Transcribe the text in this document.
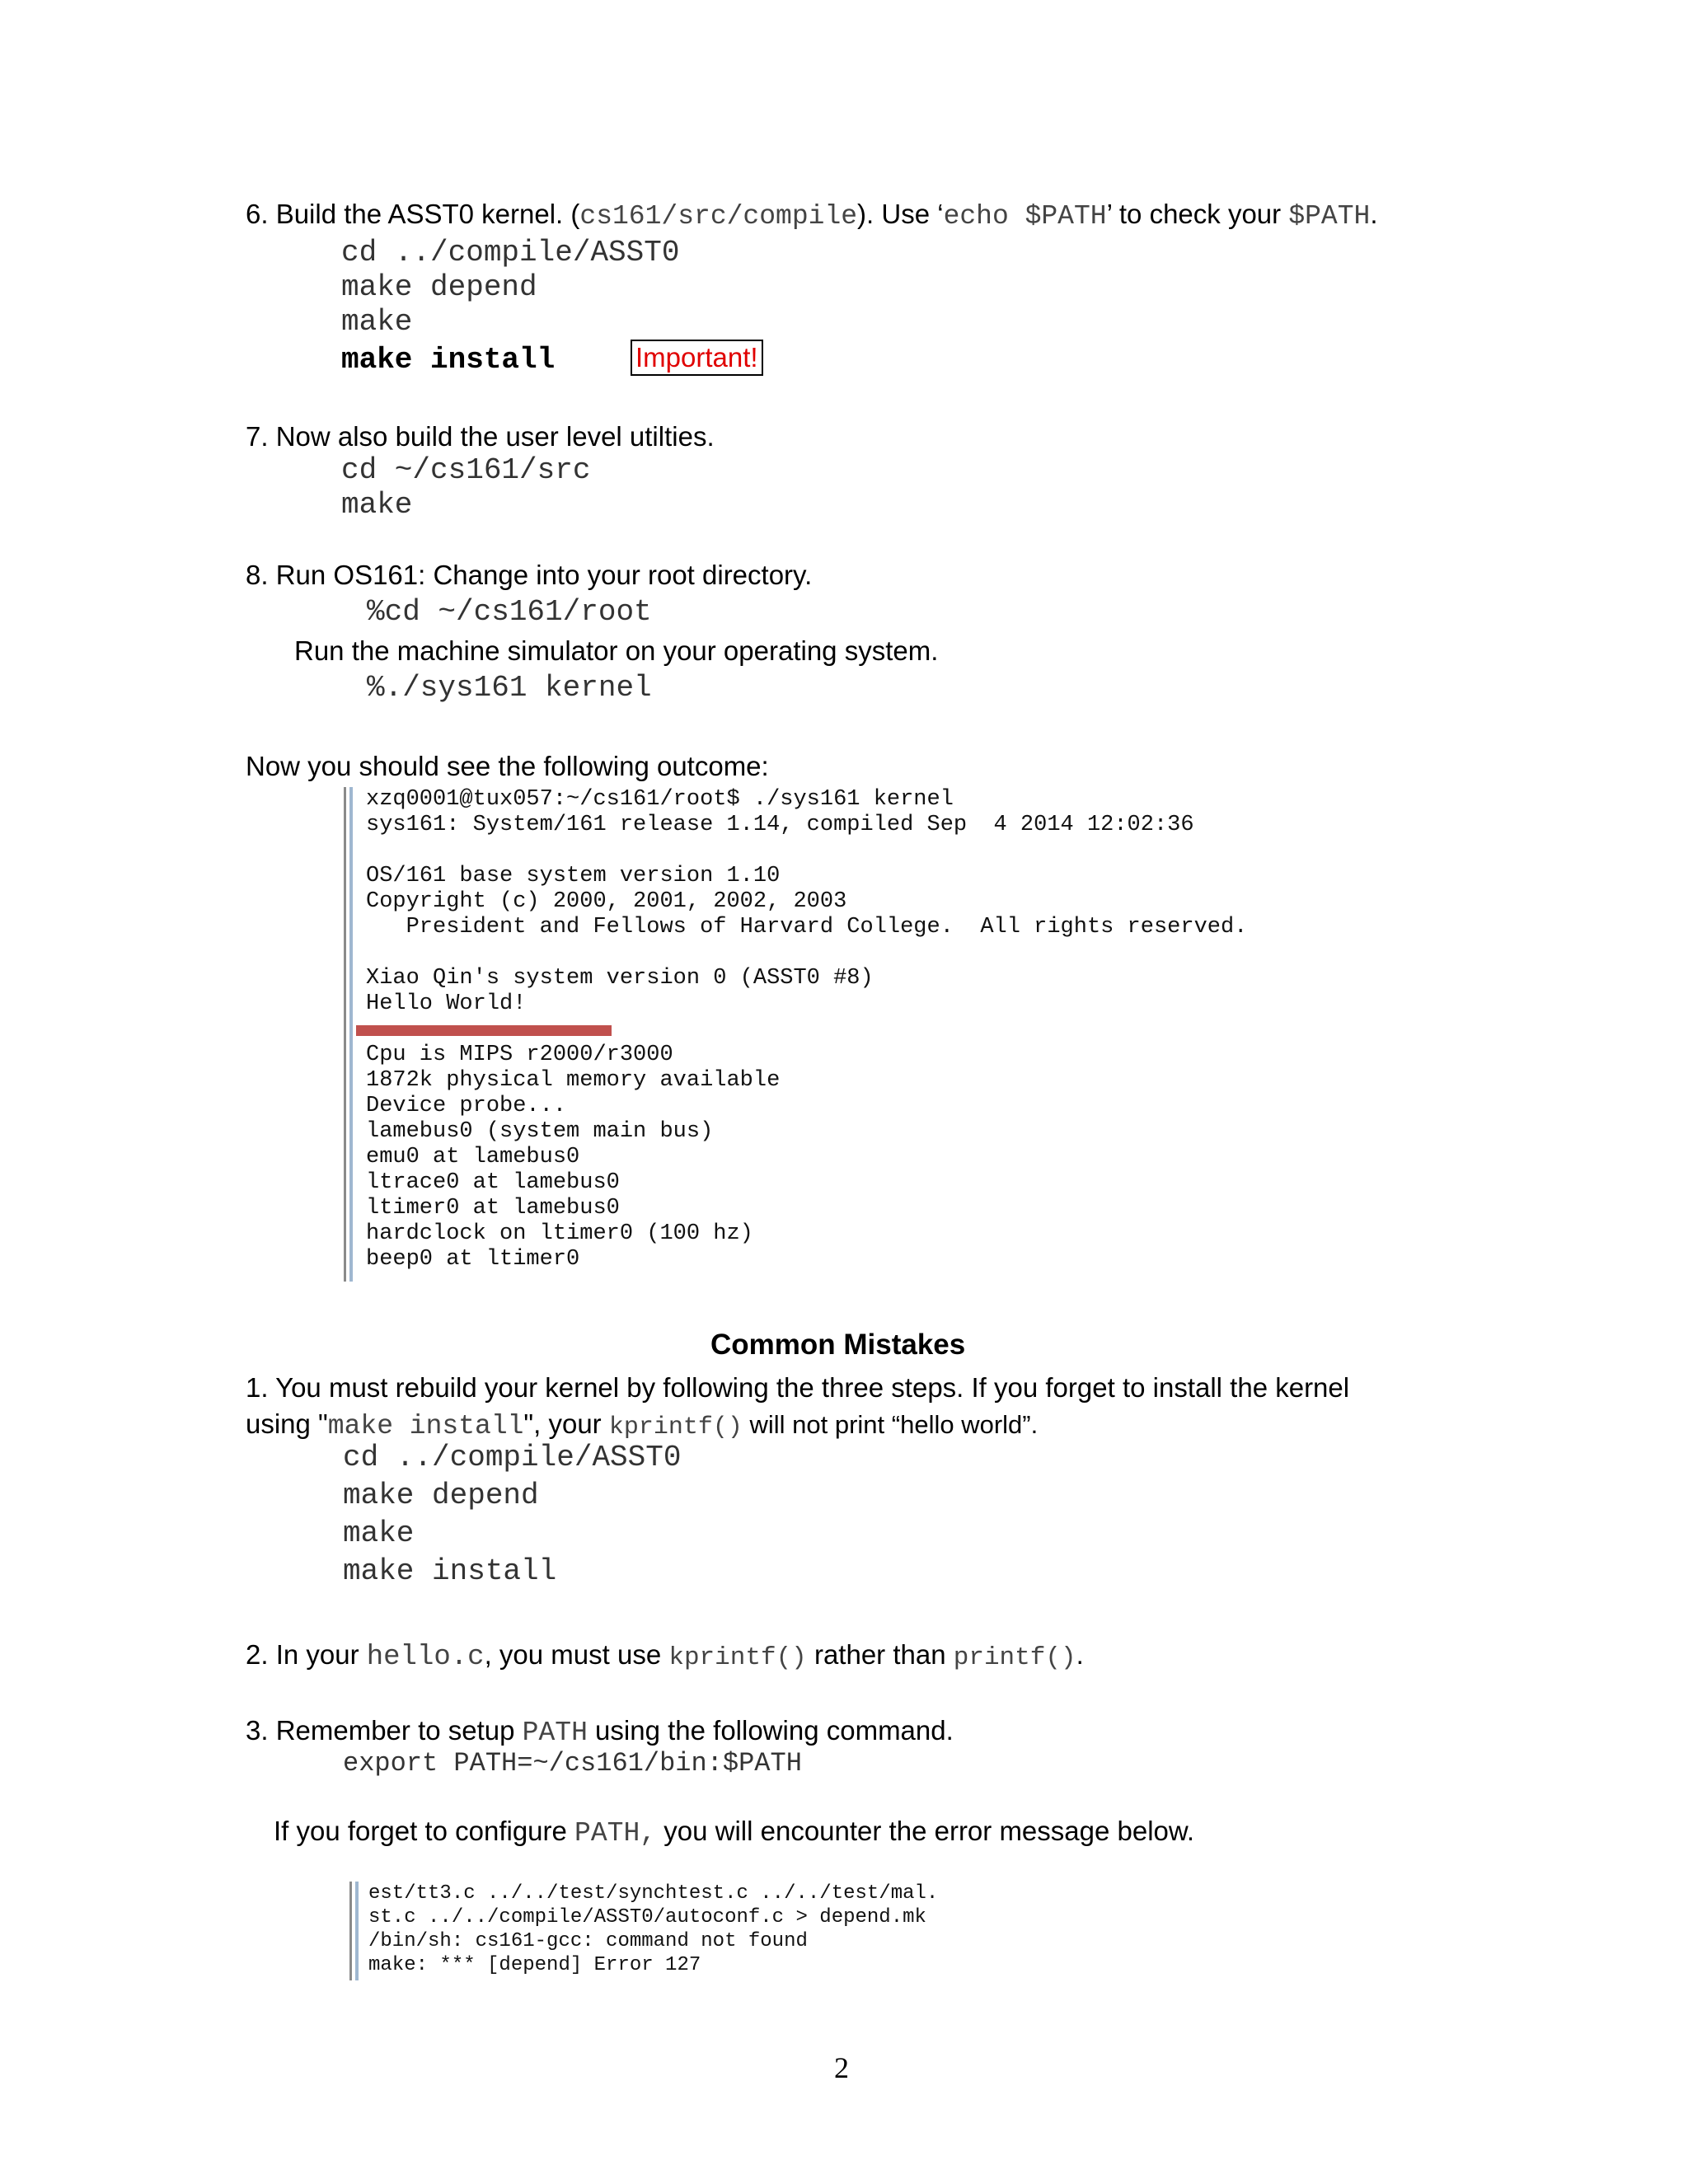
6. Build the ASST0 kernel. (cs161/src/compile). Use ‘echo $PATH’ to check your $PATH.
cd ../compile/ASST0
make depend
make
make install	Important!
7. Now also build the user level utilties.
cd ~/cs161/src
make
8. Run OS161: Change into your root directory.
%cd ~/cs161/root
Run the machine simulator on your operating system.
%./sys161 kernel
Now you should see the following outcome:
xzq0001@tux057:~/cs161/root$ ./sys161 kernel
sys161: System/161 release 1.14, compiled Sep  4 2014 12:02:36

OS/161 base system version 1.10
Copyright (c) 2000, 2001, 2002, 2003
President and Fellows of Harvard College.  All rights reserved.

Xiao Qin's system version 0 (ASST0 #8)
Hello World!

Cpu is MIPS r2000/r3000
1872k physical memory available
Device probe...
lamebus0 (system main bus)
emu0 at lamebus0
ltrace0 at lamebus0
ltimer0 at lamebus0
hardclock on ltimer0 (100 hz)
beep0 at ltimer0
Common Mistakes
1. You must rebuild your kernel by following the three steps. If you forget to install the kernel
using "make install", your kprintf() will not print “hello world”.
cd ../compile/ASST0
make depend
make
make install
2. In your hello.c, you must use kprintf() rather than printf().
3. Remember to setup PATH using the following command.
export PATH=~/cs161/bin:$PATH
If you forget to configure PATH, you will encounter the error message below.
est/tt3.c ../../test/synchtest.c ../../test/mal.
st.c ../../compile/ASST0/autoconf.c > depend.mk
/bin/sh: cs161-gcc: command not found
make: *** [depend] Error 127
2
